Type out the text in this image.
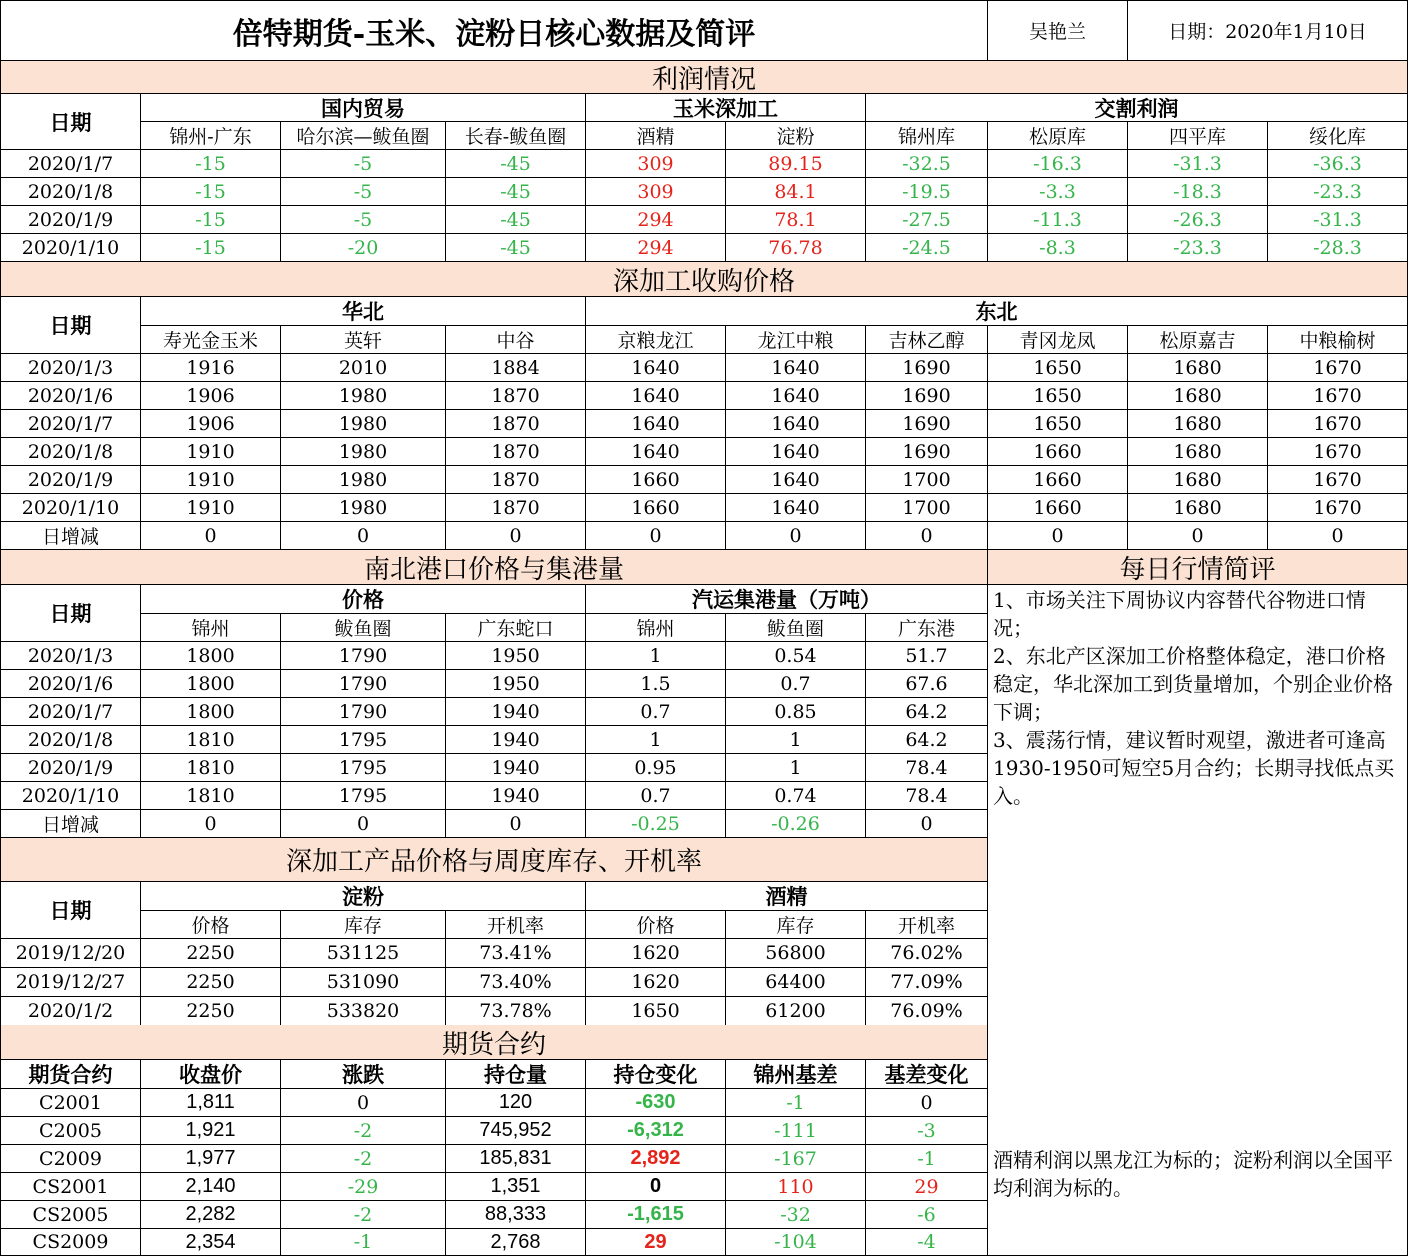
倍特期货-玉米、淀粉日核心数据及简评	吴艳兰	日期：2020年1月10日
利润情况
日期
国内贸易	玉米深加工	交割利润
锦州-广东	哈尔滨—鲅鱼圈	长春-鲅鱼圈	酒精	淀粉	锦州库	松原库	四平库	绥化库
2020/1/7	-15	-5	-45	309	89.15	-32.5	-16.3	-31.3	-36.3
2020/1/8	-15	-5	-45	309	84.1	-19.5	-3.3	-18.3	-23.3
2020/1/9	-15	-5	-45	294	78.1	-27.5	-11.3	-26.3	-31.3
2020/1/10	-15	-20	-45	294	76.78	-24.5	-8.3	-23.3	-28.3
深加工收购价格
日期
华北	东北
寿光金玉米	英轩	中谷	京粮龙江	龙江中粮	吉林乙醇	青冈龙凤	松原嘉吉	中粮榆树
2020/1/3	1916	2010	1884	1640	1640	1690	1650	1680	1670
2020/1/6	1906	1980	1870	1640	1640	1690	1650	1680	1670
2020/1/7	1906	1980	1870	1640	1640	1690	1650	1680	1670
2020/1/8	1910	1980	1870	1640	1640	1690	1660	1680	1670
2020/1/9	1910	1980	1870	1660	1640	1700	1660	1680	1670
2020/1/10	1910	1980	1870	1660	1640	1700	1660	1680	1670
日增减	0	0	0	0	0	0	0	0	0
南北港口价格与集港量
日期
价格	汽运集港量（万吨）
锦州	鲅鱼圈	广东蛇口	锦州	鲅鱼圈	广东港
2020/1/3	1800	1790	1950	1	0.54	51.7
2020/1/6	1800	1790	1950	1.5	0.7	67.6
2020/1/7	1800	1790	1940	0.7	0.85	64.2
2020/1/8	1810	1795	1940	1	1	64.2
2020/1/9	1810	1795	1940	0.95	1	78.4
2020/1/10	1810	1795	1940	0.7	0.74	78.4
日增减	0	0	0	-0.25	-0.26	0
深加工产品价格与周度库存、开机率
日期
淀粉	酒精
价格	库存	开机率	价格	库存	开机率
2019/12/20	2250	531125	73.41%	1620	56800	76.02%
2019/12/27	2250	531090	73.40%	1620	64400	77.09%
2020/1/2	2250	533820	73.78%	1650	61200	76.09%
期货合约
期货合约	收盘价	涨跌	持仓量	持仓变化	锦州基差	基差变化
C2001	1,811	0	120	-630	-1	0
C2005	1,921	-2	745,952	-6,312	-111	-3
C2009	1,977	-2	185,831	2,892	-167	-1
CS2001	2,140	-29	1,351	0	110	29
CS2005	2,282	-2	88,333	-1,615	-32	-6
CS2009	2,354	-1	2,768	29	-104	-4
每日行情简评
1、市场关注下周协议内容替代谷物进口情况；
2、东北产区深加工价格整体稳定，港口价格稳定，华北深加工到货量增加，个别企业价格下调；
3、震荡行情，建议暂时观望，激进者可逢高1930-1950可短空5月合约；长期寻找低点买入。
酒精利润以黑龙江为标的；淀粉利润以全国平均利润为标的。
